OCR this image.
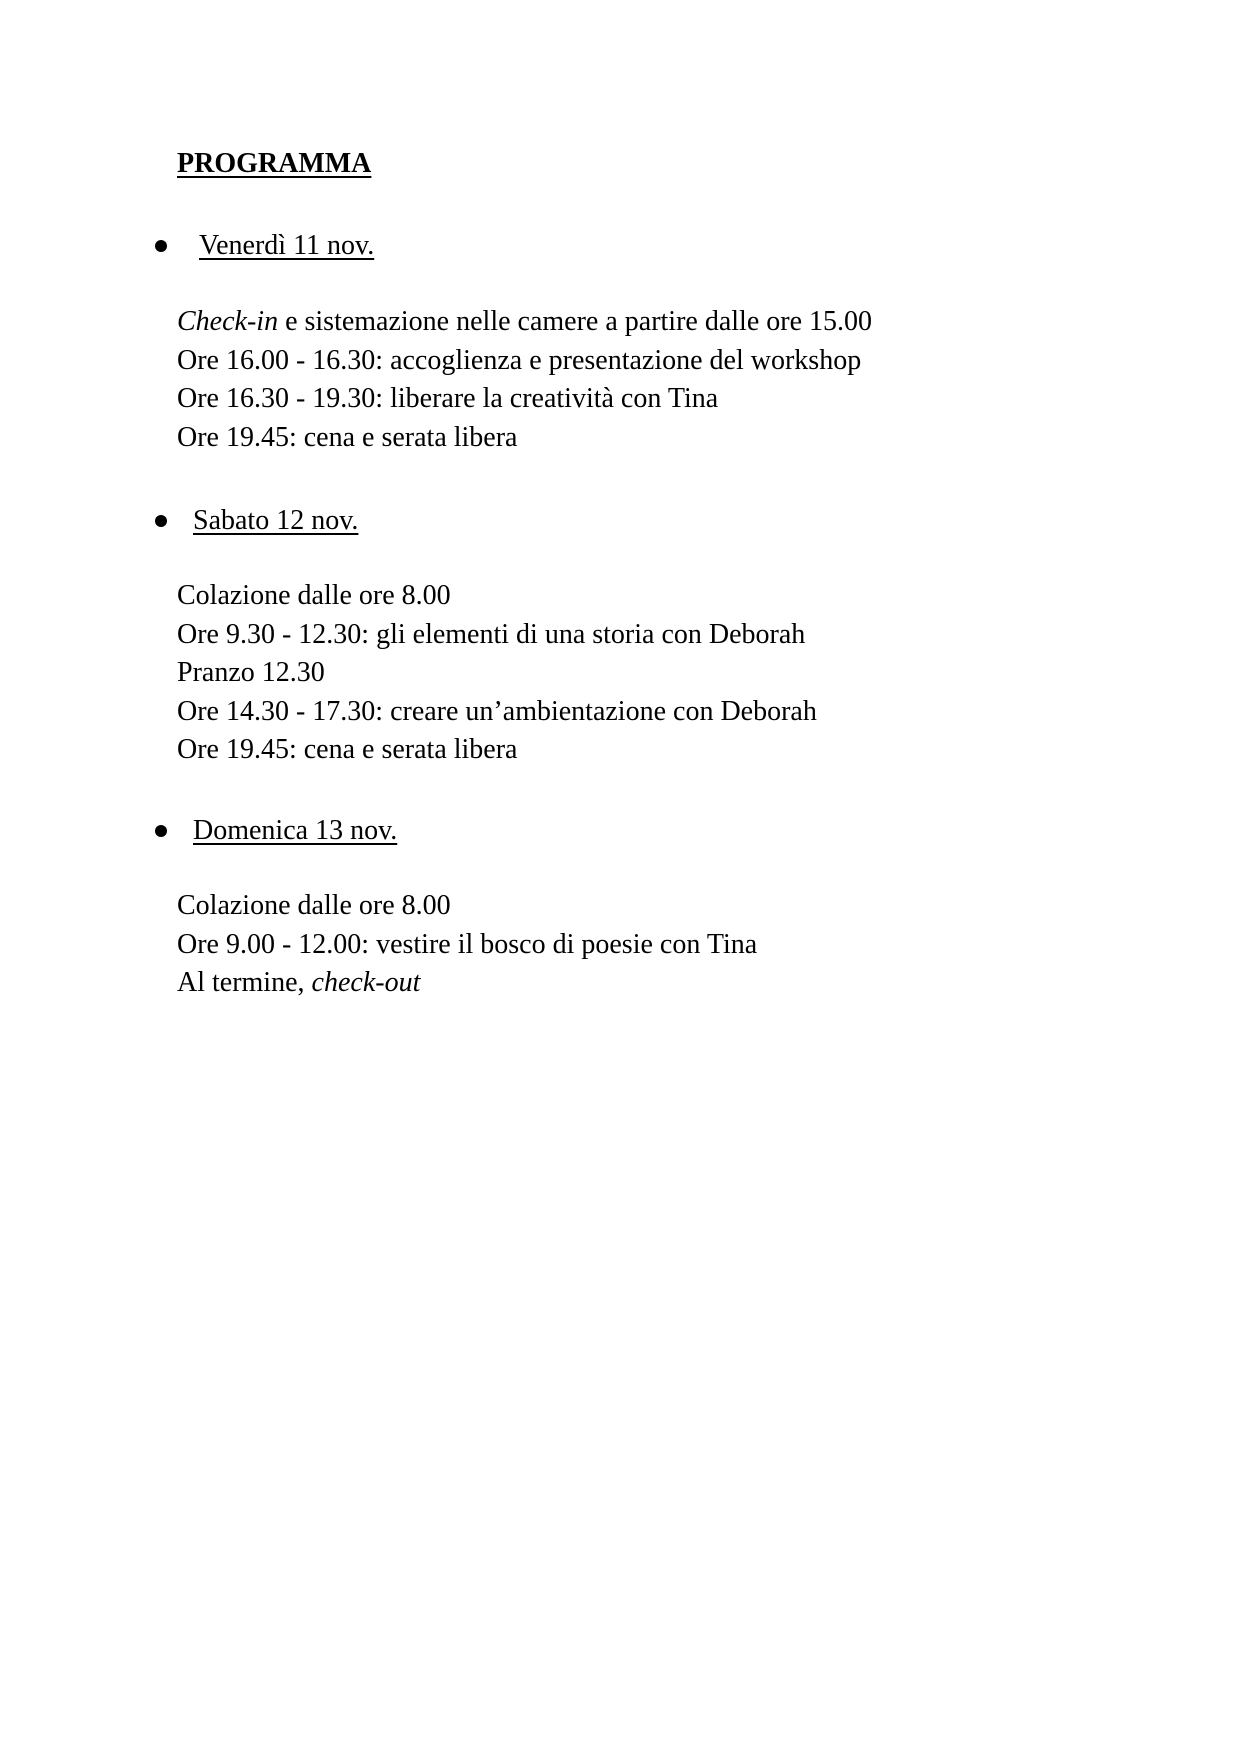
PROGRAMMA
Venerdì 11 nov.
Check-in e sistemazione nelle camere a partire dalle ore 15.00
Ore 16.00 - 16.30: accoglienza e presentazione del workshop
Ore 16.30 - 19.30: liberare la creatività con Tina
Ore 19.45: cena e serata libera
Sabato 12 nov.
Colazione dalle ore 8.00
Ore 9.30 - 12.30: gli elementi di una storia con Deborah
Pranzo 12.30
Ore 14.30 - 17.30: creare un’ambientazione con Deborah
Ore 19.45: cena e serata libera
Domenica 13 nov.
Colazione dalle ore 8.00
Ore 9.00 - 12.00: vestire il bosco di poesie con Tina
Al termine, check-out
